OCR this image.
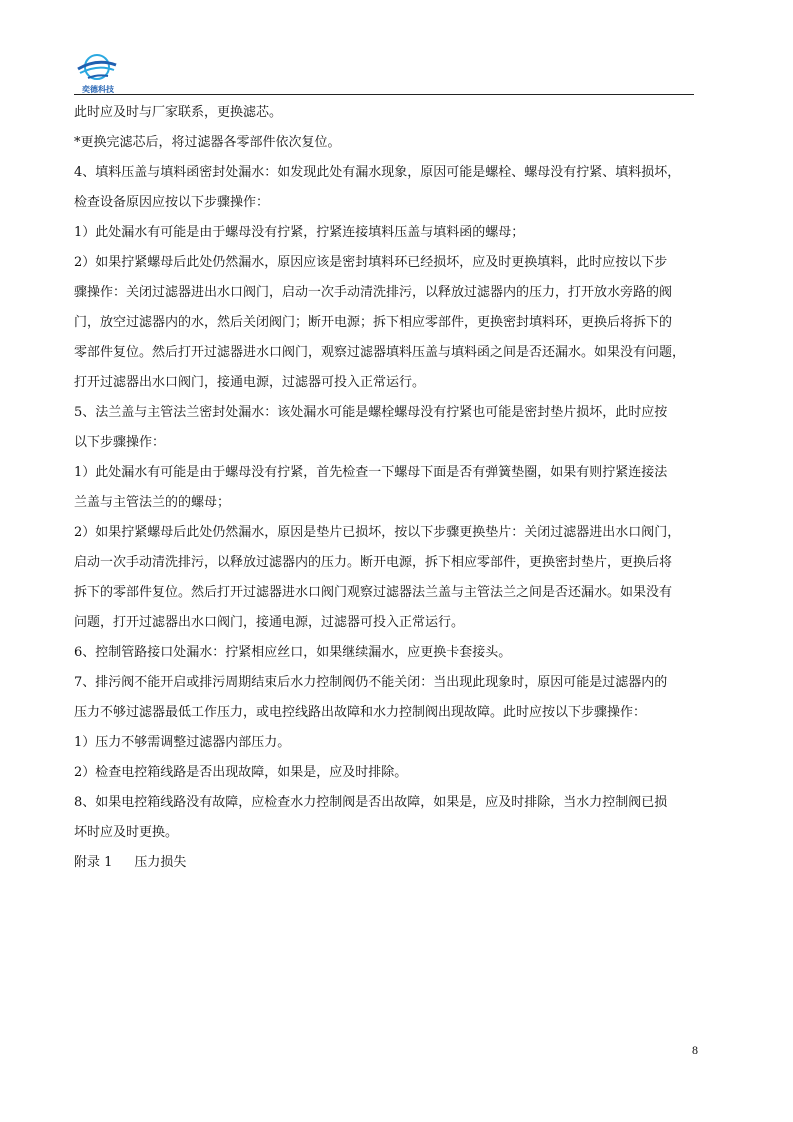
奕德科技

此时应及时与厂家联系，更换滤芯。

*更换完滤芯后，将过滤器各零部件依次复位。

4、填料压盖与填料函密封处漏水：如发现此处有漏水现象，原因可能是螺栓、螺母没有拧紧、填料损坏，

检查设备原因应按以下步骤操作：

1）此处漏水有可能是由于螺母没有拧紧，拧紧连接填料压盖与填料函的螺母；

2）如果拧紧螺母后此处仍然漏水，原因应该是密封填料环已经损坏，应及时更换填料，此时应按以下步

骤操作：关闭过滤器进出水口阀门，启动一次手动清洗排污，以释放过滤器内的压力，打开放水旁路的阀

门，放空过滤器内的水，然后关闭阀门；断开电源；拆下相应零部件，更换密封填料环，更换后将拆下的

零部件复位。然后打开过滤器进水口阀门，观察过滤器填料压盖与填料函之间是否还漏水。如果没有问题，

打开过滤器出水口阀门，接通电源，过滤器可投入正常运行。

5、法兰盖与主管法兰密封处漏水：该处漏水可能是螺栓螺母没有拧紧也可能是密封垫片损坏，此时应按

以下步骤操作：

1）此处漏水有可能是由于螺母没有拧紧，首先检查一下螺母下面是否有弹簧垫圈，如果有则拧紧连接法

兰盖与主管法兰的的螺母；

2）如果拧紧螺母后此处仍然漏水，原因是垫片已损坏，按以下步骤更换垫片：关闭过滤器进出水口阀门，

启动一次手动清洗排污，以释放过滤器内的压力。断开电源，拆下相应零部件，更换密封垫片，更换后将

拆下的零部件复位。然后打开过滤器进水口阀门观察过滤器法兰盖与主管法兰之间是否还漏水。如果没有

问题，打开过滤器出水口阀门，接通电源，过滤器可投入正常运行。

6、控制管路接口处漏水：拧紧相应丝口，如果继续漏水，应更换卡套接头。

7、排污阀不能开启或排污周期结束后水力控制阀仍不能关闭：当出现此现象时，原因可能是过滤器内的

压力不够过滤器最低工作压力，或电控线路出故障和水力控制阀出现故障。此时应按以下步骤操作：

1）压力不够需调整过滤器内部压力。

2）检查电控箱线路是否出现故障，如果是，应及时排除。

8、如果电控箱线路没有故障，应检查水力控制阀是否出故障，如果是，应及时排除，当水力控制阀已损

坏时应及时更换。

附录 1 压力损失

8
